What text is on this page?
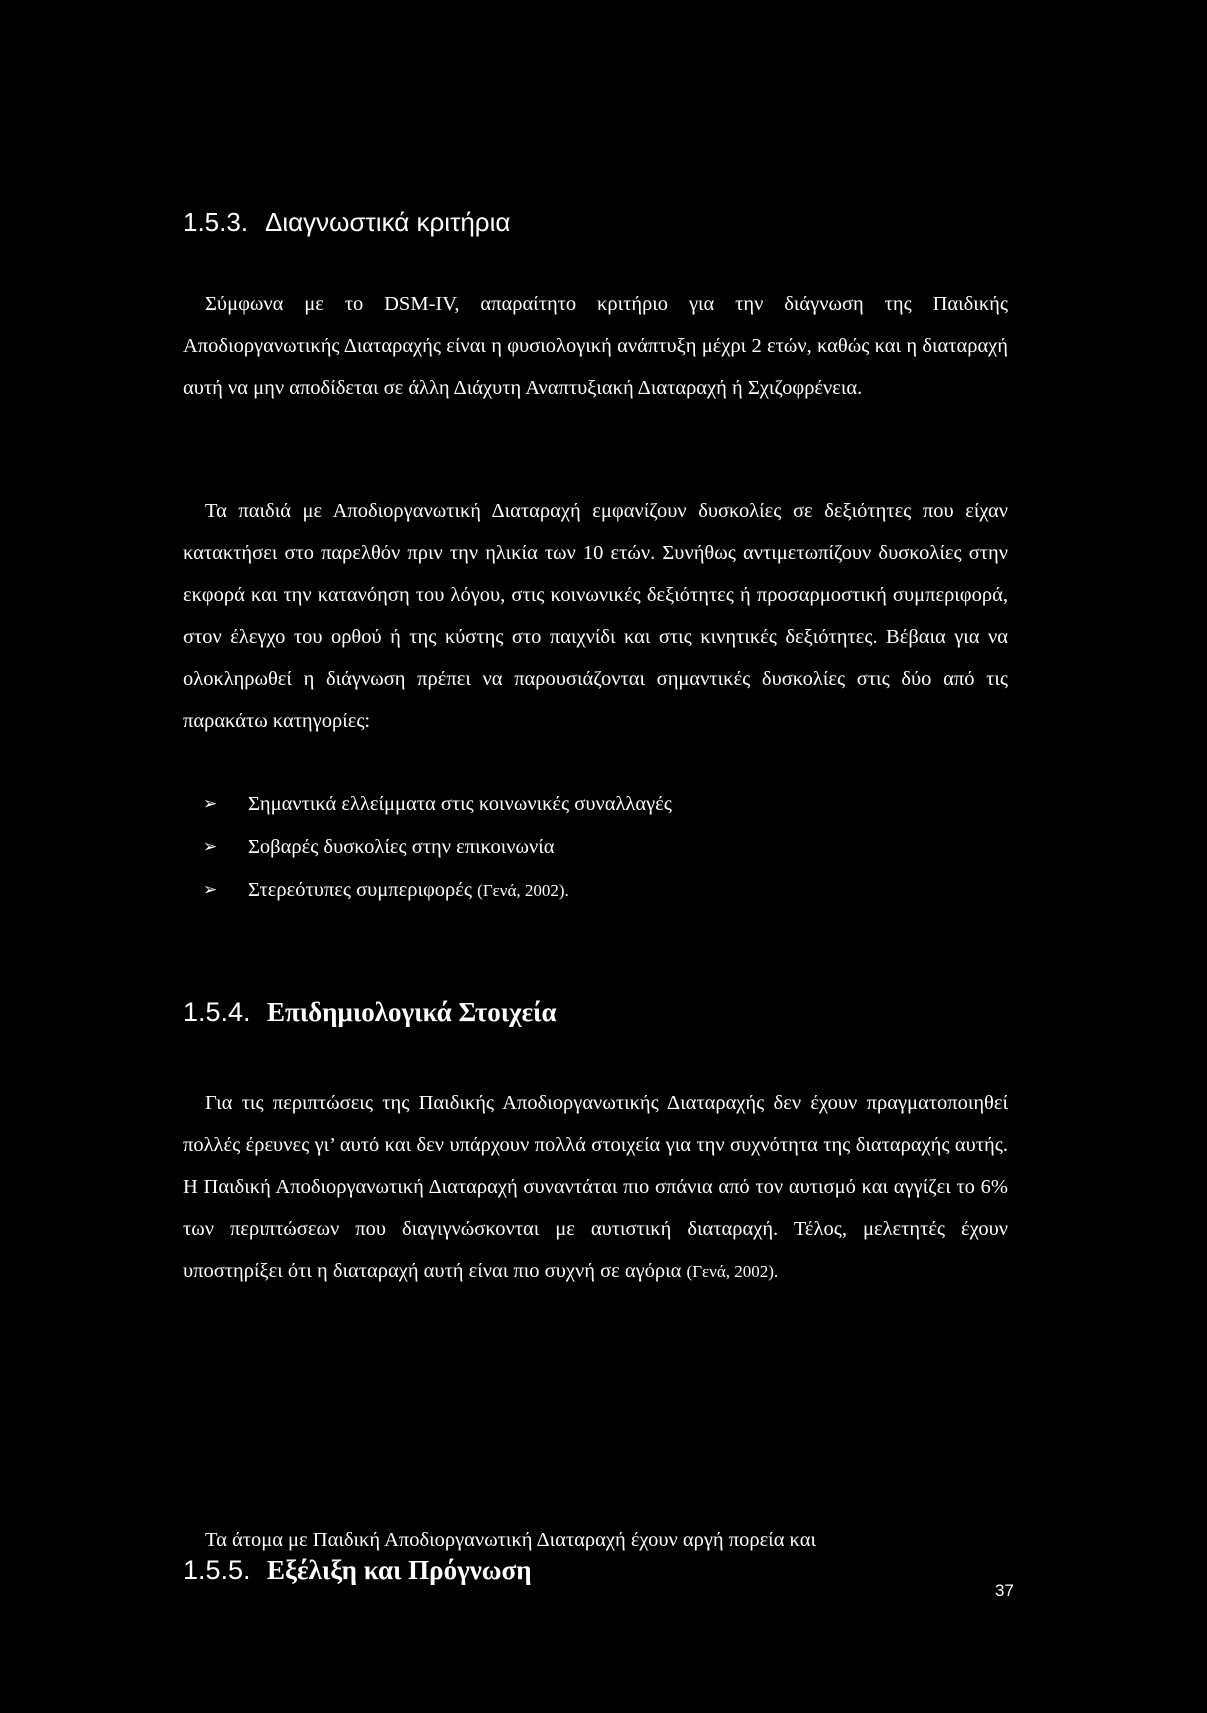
1.5.3. Διαγνωστικά κριτήρια

Σύμφωνα με το DSM-IV, απαραίτητο κριτήριο για την διάγνωση της Παιδικής Αποδιοργανωτικής Διαταραχής είναι η φυσιολογική ανάπτυξη μέχρι 2 ετών, καθώς και η διαταραχή αυτή να μην αποδίδεται σε άλλη Διάχυτη Αναπτυξιακή Διαταραχή ή Σχιζοφρένεια.

Τα παιδιά με Αποδιοργανωτική Διαταραχή εμφανίζουν δυσκολίες σε δεξιότητες που είχαν κατακτήσει στο παρελθόν πριν την ηλικία των 10 ετών. Συνήθως αντιμετωπίζουν δυσκολίες στην εκφορά και την κατανόηση του λόγου, στις κοινωνικές δεξιότητες ή προσαρμοστική συμπεριφορά, στον έλεγχο του ορθού ή της κύστης στο παιχνίδι και στις κινητικές δεξιότητες. Βέβαια για να ολοκληρωθεί η διάγνωση πρέπει να παρουσιάζονται σημαντικές δυσκολίες στις δύο από τις παρακάτω κατηγορίες:

➢ Σημαντικά ελλείμματα στις κοινωνικές συναλλαγές
➢ Σοβαρές δυσκολίες στην επικοινωνία
➢ Στερεότυπες συμπεριφορές (Γενά, 2002).
1.5.4. Επιδημιολογικά Στοιχεία

Για τις περιπτώσεις της Παιδικής Αποδιοργανωτικής Διαταραχής δεν έχουν πραγματοποιηθεί πολλές έρευνες γι’ αυτό και δεν υπάρχουν πολλά στοιχεία για την συχνότητα της διαταραχής αυτής. Η Παιδική Αποδιοργανωτική Διαταραχή συναντάται πιο σπάνια από τον αυτισμό και αγγίζει το 6% των περιπτώσεων που διαγιγνώσκονται με αυτιστική διαταραχή. Τέλος, μελετητές έχουν υποστηρίξει ότι η διαταραχή αυτή είναι πιο συχνή σε αγόρια (Γενά, 2002).

1.5.5. Εξέλιξη και Πρόγνωση

Τα άτομα με Παιδική Αποδιοργανωτική Διαταραχή έχουν αργή πορεία και

37
